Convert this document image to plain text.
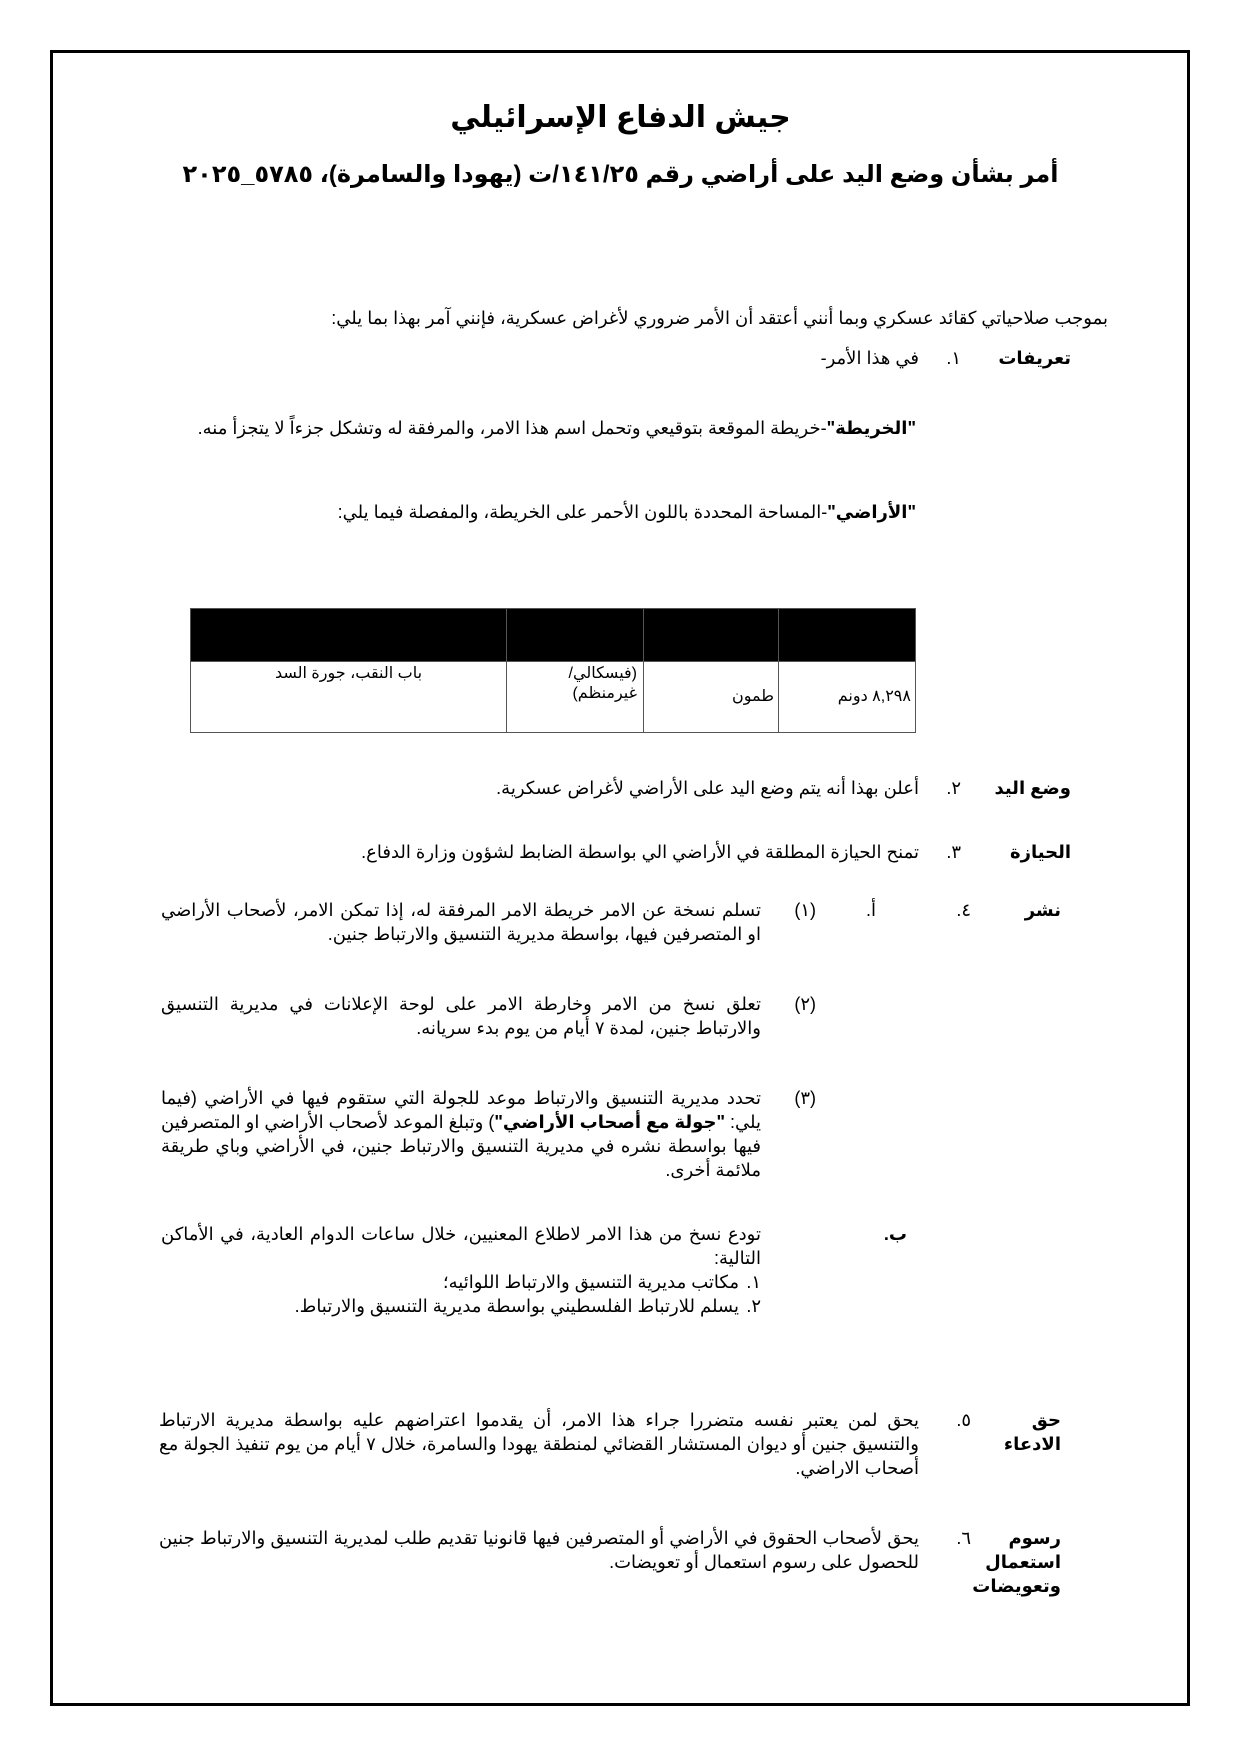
جيش الدفاع الإسرائيلي
أمر بشأن وضع اليد على أراضي رقم ١٤١/٢٥/ت (يهودا والسامرة)، ٥٧٨٥_٢٠٢٥
بموجب صلاحياتي كقائد عسكري وبما أنني أعتقد أن الأمر ضروري لأغراض عسكرية، فإنني آمر بهذا بما يلي:
تعريفات
١.
في هذا الأمر-
"الخريطة"-خريطة الموقعة بتوقيعي وتحمل اسم هذا الامر، والمرفقة له وتشكل جزءاً لا يتجزأ منه.
"الأراضي"-المساحة المحددة باللون الأحمر على الخريطة، والمفصلة فيما يلي:

٨,٢٩٨ دونم	طمون	(فيسكالي/ غيرمنظم)	باب النقب، جورة السد
وضع اليد
٢.
أعلن بهذا أنه يتم وضع اليد على الأراضي لأغراض عسكرية.
الحيازة
٣.
تمنح الحيازة المطلقة في الأراضي الي بواسطة الضابط لشؤون وزارة الدفاع.
نشر
٤.
أ.
(١)
تسلم نسخة عن الامر خريطة الامر المرفقة له، إذا تمكن الامر، لأصحاب الأراضي او المتصرفين فيها، بواسطة مديرية التنسيق والارتباط جنين.
(٢)
تعلق نسخ من الامر وخارطة الامر على لوحة الإعلانات في مديرية التنسيق والارتباط جنين، لمدة ٧ أيام من يوم بدء سريانه.
(٣)
تحدد مديرية التنسيق والارتباط موعد للجولة التي ستقوم فيها في الأراضي (فيما يلي: "جولة مع أصحاب الأراضي") وتبلغ الموعد لأصحاب الأراضي او المتصرفين فيها بواسطة نشره في مديرية التنسيق والارتباط جنين، في الأراضي وباي طريقة ملائمة أخرى.
ب.
تودع نسخ من هذا الامر لاطلاع المعنيين، خلال ساعات الدوام العادية، في الأماكن التالية:
١.
مكاتب مديرية التنسيق والارتباط اللوائيه؛
٢.
يسلم للارتباط الفلسطيني بواسطة مديرية التنسيق والارتباط.
حق
الادعاء
٥.
يحق لمن يعتبر نفسه متضررا جراء هذا الامر، أن يقدموا اعتراضهم عليه بواسطة مديرية الارتباط والتنسيق جنين أو ديوان المستشار القضائي لمنطقة يهودا والسامرة، خلال ٧ أيام من يوم تنفيذ الجولة مع أصحاب الاراضي.
رسوم
استعمال
وتعويضات
٦.
يحق لأصحاب الحقوق في الأراضي أو المتصرفين فيها قانونيا تقديم طلب لمديرية التنسيق والارتباط جنين للحصول على رسوم استعمال أو تعويضات.
